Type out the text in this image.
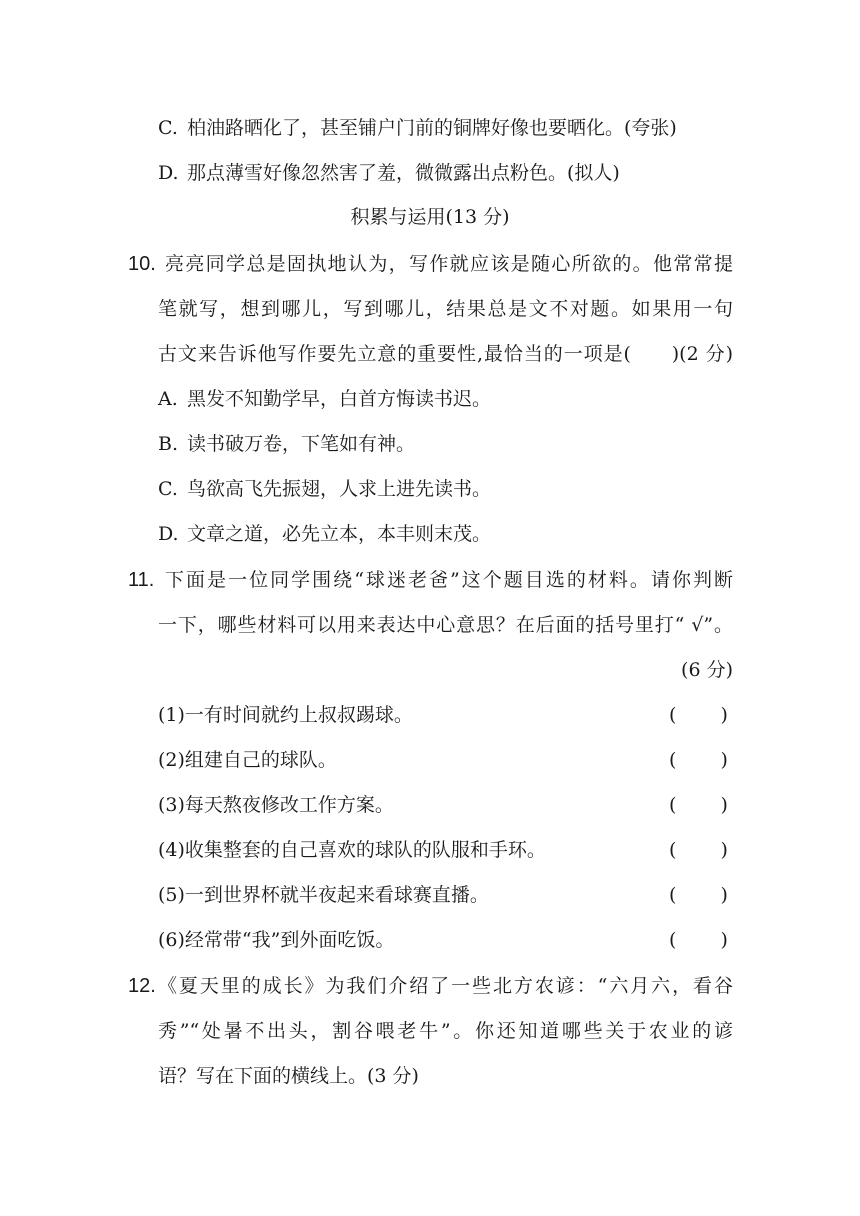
C. 柏油路晒化了，甚至铺户门前的铜牌好像也要晒化。(夸张)
D. 那点薄雪好像忽然害了羞，微微露出点粉色。(拟人)
积累与运用(13 分)
10. 亮亮同学总是固执地认为，写作就应该是随心所欲的。他常常提
笔就写，想到哪儿，写到哪儿，结果总是文不对题。如果用一句
古文来告诉他写作要先立意的重要性,最恰当的一项是(　　)(2 分)
A. 黑发不知勤学早，白首方悔读书迟。
B. 读书破万卷，下笔如有神。
C. 鸟欲高飞先振翅，人求上进先读书。
D. 文章之道，必先立本，本丰则末茂。
11. 下面是一位同学围绕“球迷老爸”这个题目选的材料。请你判断
一下，哪些材料可以用来表达中心意思？在后面的括号里打“ √”。
(6 分)
(1)一有时间就约上叔叔踢球。	(　　 )
(2)组建自己的球队。	(　　 )
(3)每天熬夜修改工作方案。	(　　 )
(4)收集整套的自己喜欢的球队的队服和手环。	(　　 )
(5)一到世界杯就半夜起来看球赛直播。	(　　 )
(6)经常带“我”到外面吃饭。	(　　 )
12. 《夏天里的成长》为我们介绍了一些北方农谚：“六月六，看谷
秀”“处暑不出头，割谷喂老牛”。你还知道哪些关于农业的谚
语？写在下面的横线上。(3 分)
